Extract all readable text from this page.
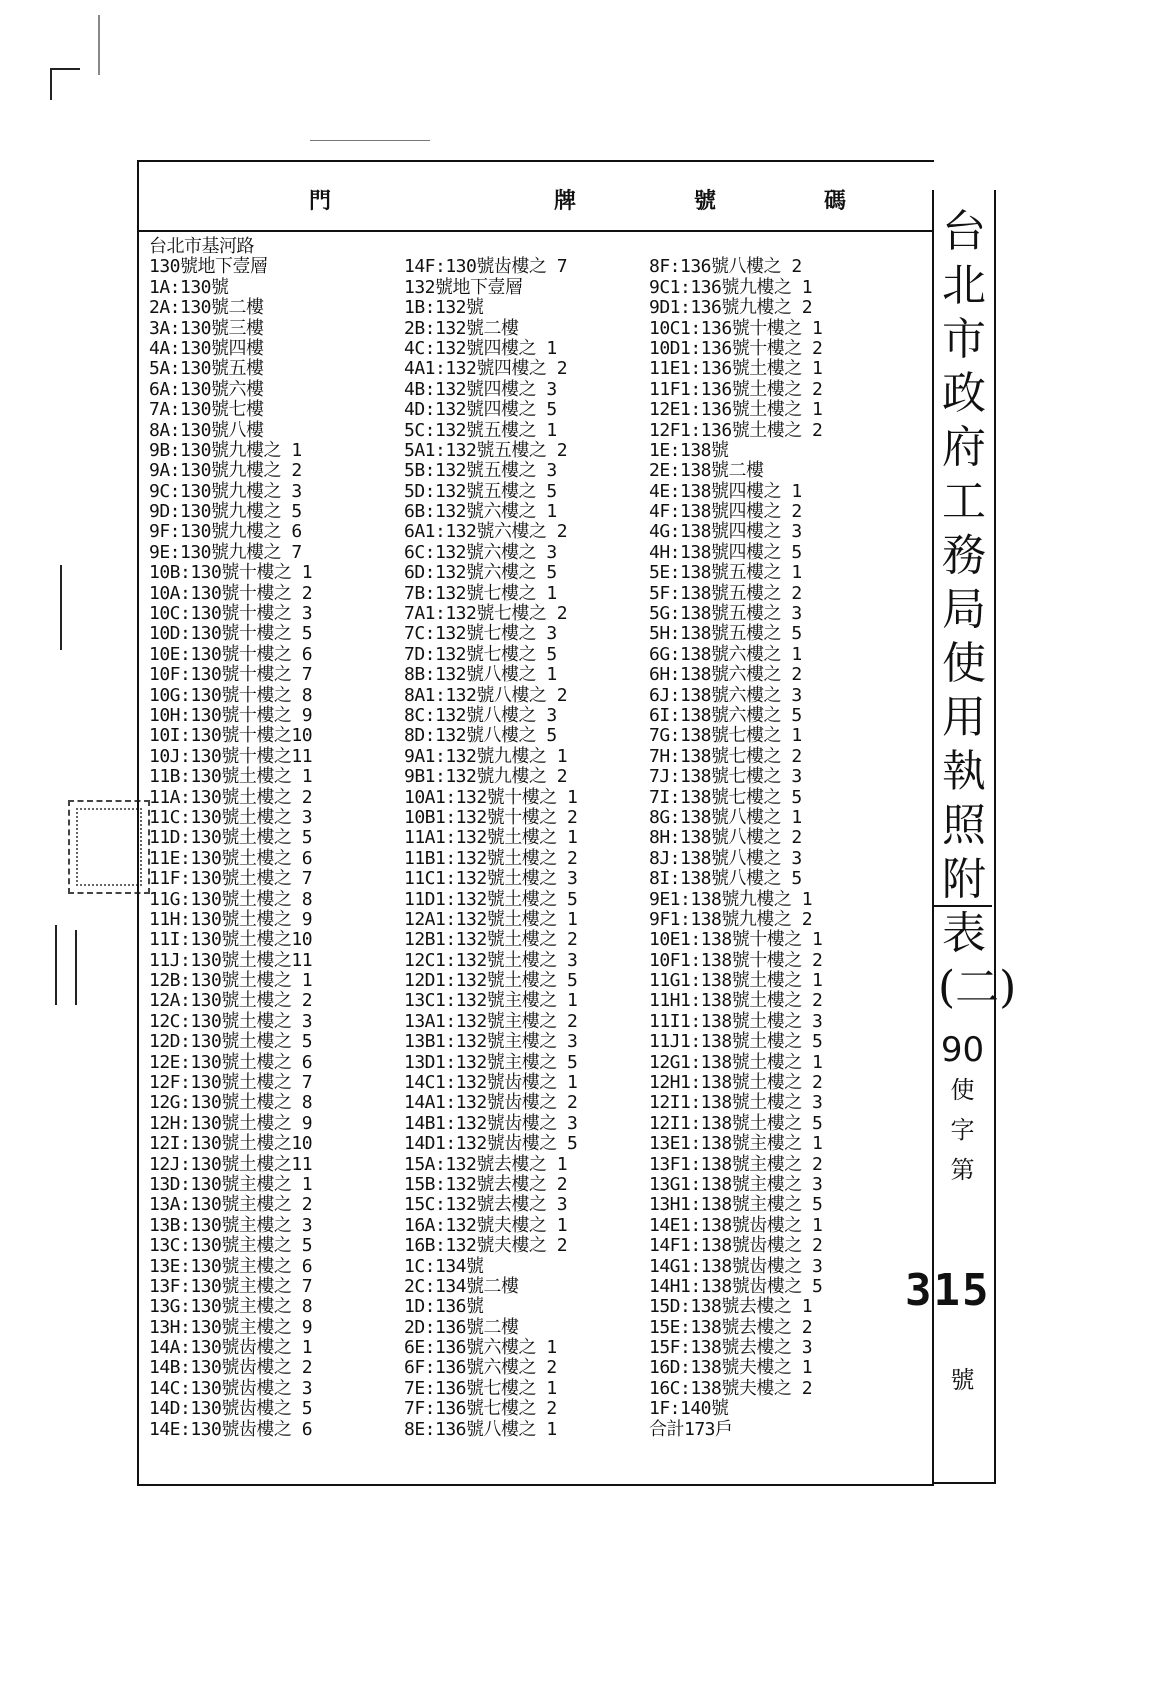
門	牌	號	碼
台北市基河路
130號地下壹層
1A:130號
2A:130號二樓
3A:130號三樓
4A:130號四樓
5A:130號五樓
6A:130號六樓
7A:130號七樓
8A:130號八樓
9B:130號九樓之 1
9A:130號九樓之 2
9C:130號九樓之 3
9D:130號九樓之 5
9F:130號九樓之 6
9E:130號九樓之 7
10B:130號十樓之 1
10A:130號十樓之 2
10C:130號十樓之 3
10D:130號十樓之 5
10E:130號十樓之 6
10F:130號十樓之 7
10G:130號十樓之 8
10H:130號十樓之 9
10I:130號十樓之10
10J:130號十樓之11
11B:130號土樓之 1
11A:130號土樓之 2
11C:130號土樓之 3
11D:130號土樓之 5
11E:130號土樓之 6
11F:130號土樓之 7
11G:130號土樓之 8
11H:130號土樓之 9
11I:130號土樓之10
11J:130號土樓之11
12B:130號土樓之 1
12A:130號土樓之 2
12C:130號土樓之 3
12D:130號土樓之 5
12E:130號土樓之 6
12F:130號土樓之 7
12G:130號土樓之 8
12H:130號土樓之 9
12I:130號土樓之10
12J:130號土樓之11
13D:130號主樓之 1
13A:130號主樓之 2
13B:130號主樓之 3
13C:130號主樓之 5
13E:130號主樓之 6
13F:130號主樓之 7
13G:130號主樓之 8
13H:130號主樓之 9
14A:130號齿樓之 1
14B:130號齿樓之 2
14C:130號齿樓之 3
14D:130號齿樓之 5
14E:130號齿樓之 6
14F:130號齿樓之 7
132號地下壹層
1B:132號
2B:132號二樓
4C:132號四樓之 1
4A1:132號四樓之 2
4B:132號四樓之 3
4D:132號四樓之 5
5C:132號五樓之 1
5A1:132號五樓之 2
5B:132號五樓之 3
5D:132號五樓之 5
6B:132號六樓之 1
6A1:132號六樓之 2
6C:132號六樓之 3
6D:132號六樓之 5
7B:132號七樓之 1
7A1:132號七樓之 2
7C:132號七樓之 3
7D:132號七樓之 5
8B:132號八樓之 1
8A1:132號八樓之 2
8C:132號八樓之 3
8D:132號八樓之 5
9A1:132號九樓之 1
9B1:132號九樓之 2
10A1:132號十樓之 1
10B1:132號十樓之 2
11A1:132號土樓之 1
11B1:132號土樓之 2
11C1:132號土樓之 3
11D1:132號土樓之 5
12A1:132號土樓之 1
12B1:132號土樓之 2
12C1:132號土樓之 3
12D1:132號土樓之 5
13C1:132號主樓之 1
13A1:132號主樓之 2
13B1:132號主樓之 3
13D1:132號主樓之 5
14C1:132號齿樓之 1
14A1:132號齿樓之 2
14B1:132號齿樓之 3
14D1:132號齿樓之 5
15A:132號去樓之 1
15B:132號去樓之 2
15C:132號去樓之 3
16A:132號夫樓之 1
16B:132號夫樓之 2
1C:134號
2C:134號二樓
1D:136號
2D:136號二樓
6E:136號六樓之 1
6F:136號六樓之 2
7E:136號七樓之 1
7F:136號七樓之 2
8E:136號八樓之 1
8F:136號八樓之 2
9C1:136號九樓之 1
9D1:136號九樓之 2
10C1:136號十樓之 1
10D1:136號十樓之 2
11E1:136號土樓之 1
11F1:136號土樓之 2
12E1:136號土樓之 1
12F1:136號土樓之 2
1E:138號
2E:138號二樓
4E:138號四樓之 1
4F:138號四樓之 2
4G:138號四樓之 3
4H:138號四樓之 5
5E:138號五樓之 1
5F:138號五樓之 2
5G:138號五樓之 3
5H:138號五樓之 5
6G:138號六樓之 1
6H:138號六樓之 2
6J:138號六樓之 3
6I:138號六樓之 5
7G:138號七樓之 1
7H:138號七樓之 2
7J:138號七樓之 3
7I:138號七樓之 5
8G:138號八樓之 1
8H:138號八樓之 2
8J:138號八樓之 3
8I:138號八樓之 5
9E1:138號九樓之 1
9F1:138號九樓之 2
10E1:138號十樓之 1
10F1:138號十樓之 2
11G1:138號土樓之 1
11H1:138號土樓之 2
11I1:138號土樓之 3
11J1:138號土樓之 5
12G1:138號土樓之 1
12H1:138號土樓之 2
12I1:138號土樓之 3
12I1:138號土樓之 5
13E1:138號主樓之 1
13F1:138號主樓之 2
13G1:138號主樓之 3
13H1:138號主樓之 5
14E1:138號齿樓之 1
14F1:138號齿樓之 2
14G1:138號齿樓之 3
14H1:138號齿樓之 5
15D:138號去樓之 1
15E:138號去樓之 2
15F:138號去樓之 3
16D:138號夫樓之 1
16C:138號夫樓之 2
1F:140號
合計173戶
台
北
市
政
府
工
務
局
使
用
執
照
附
表
(二)
90
使
字
第
315
號
